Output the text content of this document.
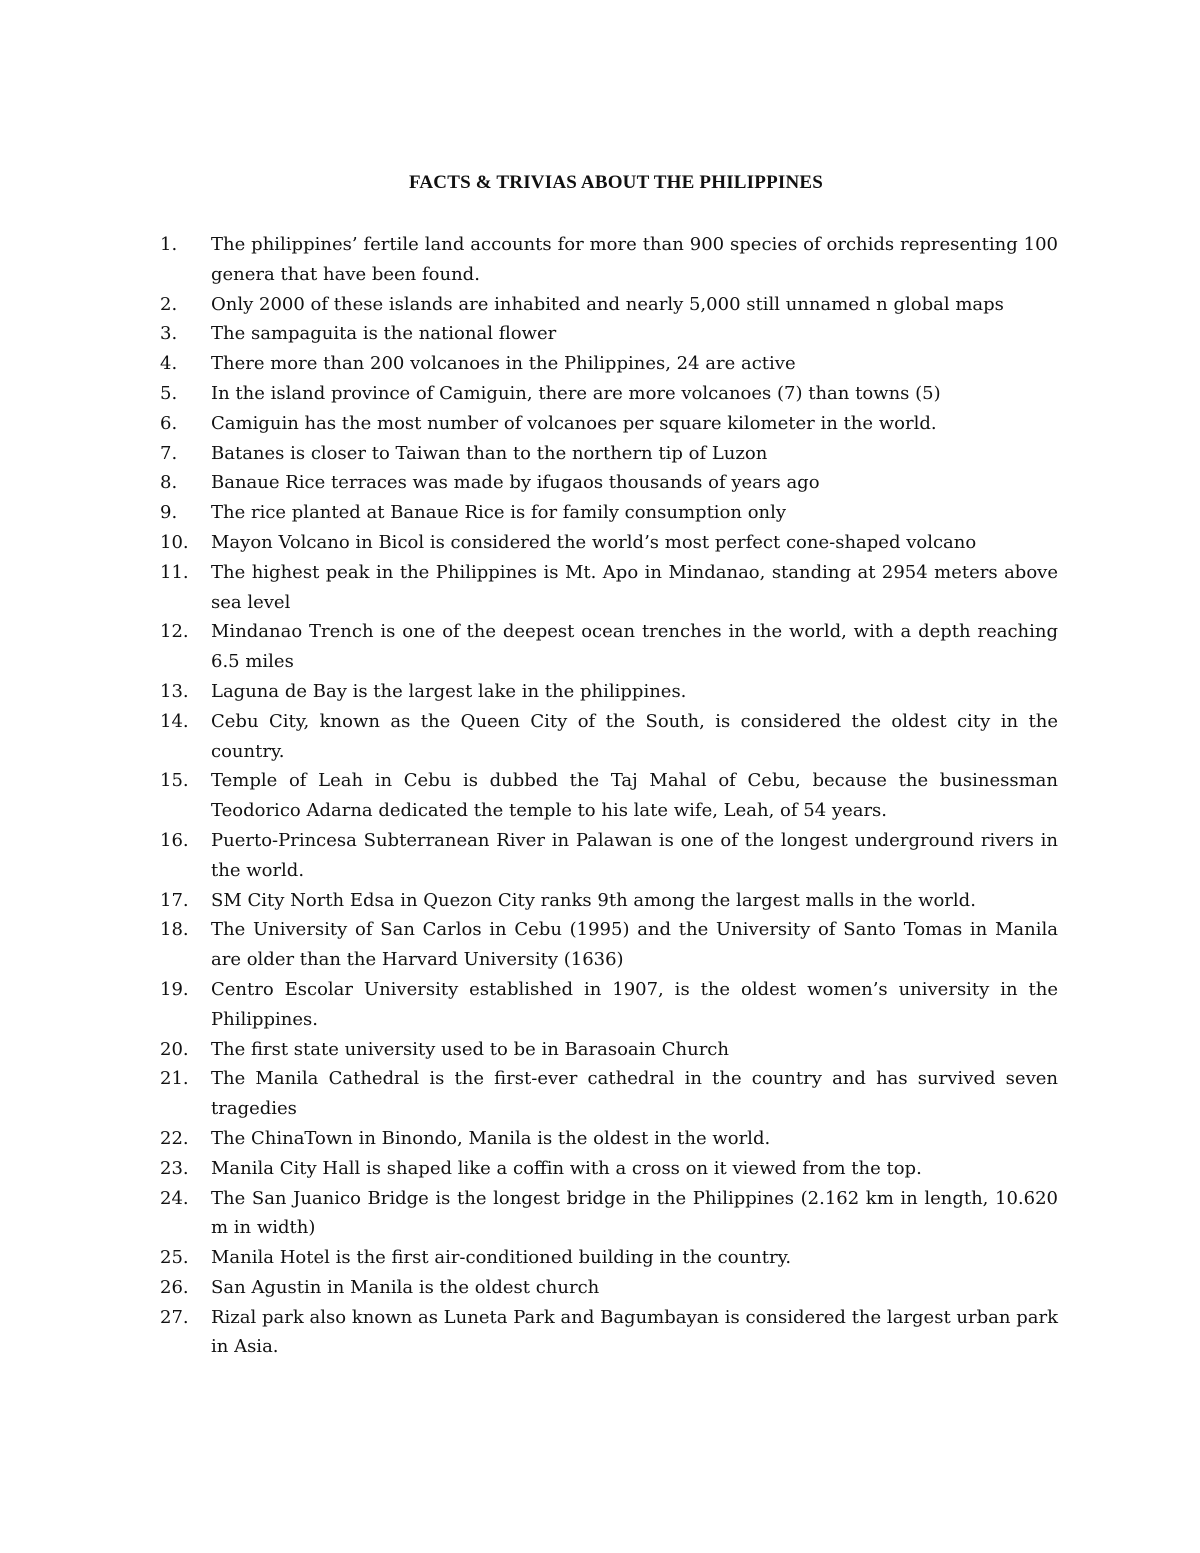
FACTS & TRIVIAS ABOUT THE PHILIPPINES
1.	The philippines’ fertile land accounts for more than 900 species of orchids representing 100 genera that have been found.
2.	Only 2000 of these islands are inhabited and nearly 5,000 still unnamed n global maps
3.	The sampaguita is the national flower
4.	There more than 200 volcanoes in the Philippines, 24 are active
5.	In the island province of Camiguin, there are more volcanoes (7) than towns (5)
6.	Camiguin has the most number of volcanoes per square kilometer in the world.
7.	Batanes is closer to Taiwan than to the northern tip of Luzon
8.	Banaue Rice terraces was made by ifugaos thousands of years ago
9.	The rice planted at Banaue Rice is for family consumption only
10.	Mayon Volcano in Bicol is considered the world’s most perfect cone-shaped volcano
11.	The highest peak in the Philippines is Mt. Apo in Mindanao, standing at 2954 meters above sea level
12.	Mindanao Trench is one of the deepest ocean trenches in the world, with a depth reaching 6.5 miles
13.	Laguna de Bay is the largest lake in the philippines.
14.	Cebu City, known as the Queen City of the South, is considered the oldest city in the country.
15.	Temple of Leah in Cebu is dubbed the Taj Mahal of Cebu, because the businessman Teodorico Adarna dedicated the temple to his late wife, Leah, of 54 years.
16.	Puerto-Princesa Subterranean River in Palawan is one of the longest underground rivers in the world.
17.	SM City North Edsa in Quezon City ranks 9th among the largest malls in the world.
18.	The University of San Carlos in Cebu (1995) and the University of Santo Tomas in Manila are older than the Harvard University (1636)
19.	Centro Escolar University established in 1907, is the oldest women’s university in the Philippines.
20.	The first state university used to be in Barasoain Church
21.	The Manila Cathedral is the first-ever cathedral in the country and has survived seven tragedies
22.	The ChinaTown in Binondo, Manila is the oldest in the world.
23.	Manila City Hall is shaped like a coffin with a cross on it viewed from the top.
24.	The San Juanico Bridge is the longest bridge in the Philippines (2.162 km in length, 10.620 m in width)
25.	Manila Hotel is the first air-conditioned building in the country.
26.	San Agustin in Manila is the oldest church
27.	Rizal park also known as Luneta Park and Bagumbayan is considered the largest urban park in Asia.
